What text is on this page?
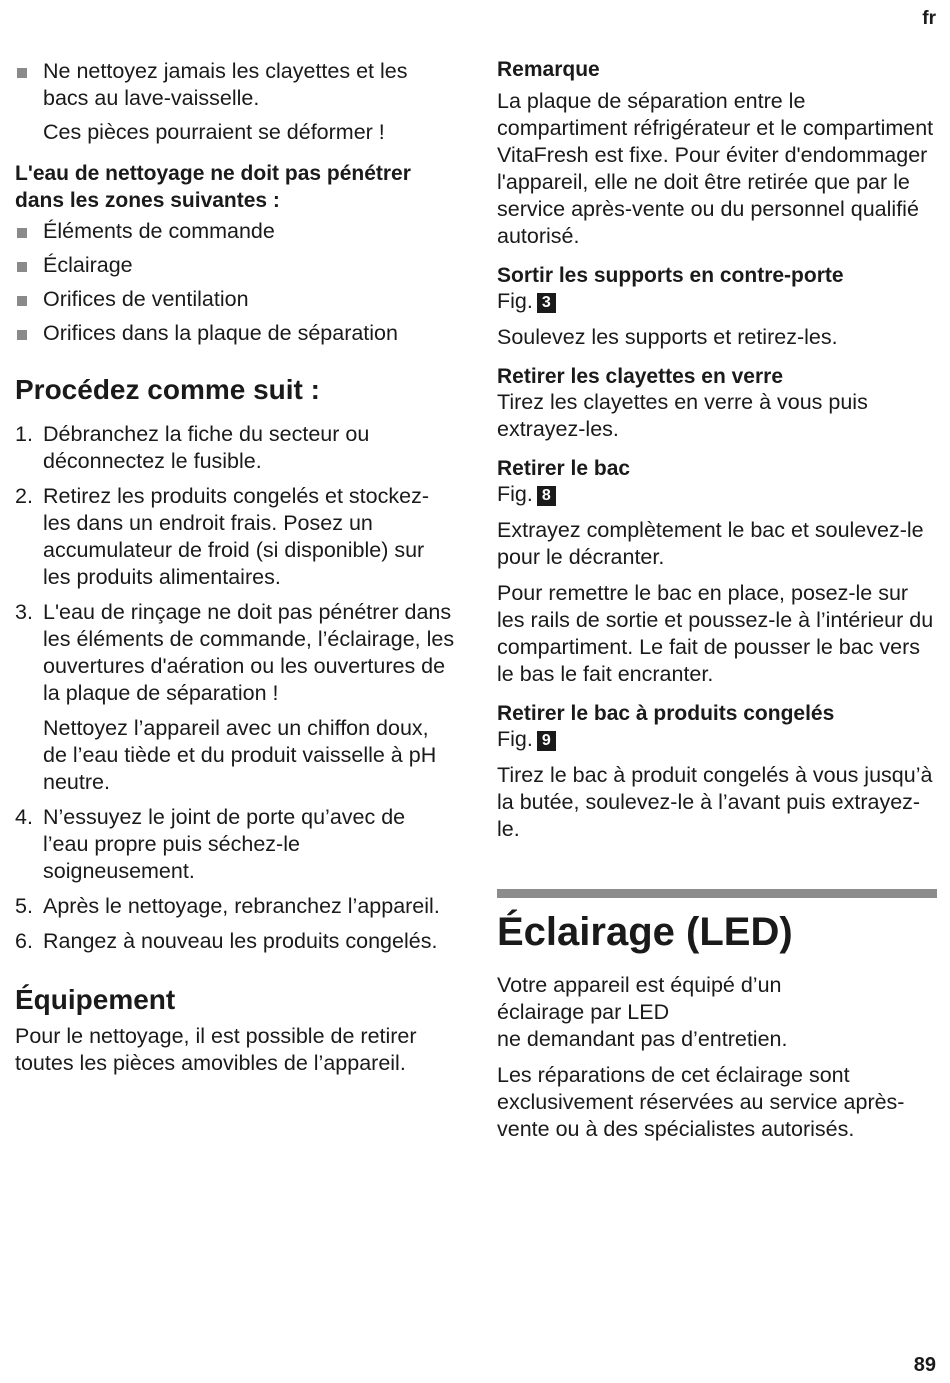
fr
Ne nettoyez jamais les clayettes et les bacs au lave-vaisselle.
Ces pièces pourraient se déformer !
L'eau de nettoyage ne doit pas pénétrer dans les zones suivantes :
Éléments de commande
Éclairage
Orifices de ventilation
Orifices dans la plaque de séparation
Procédez comme suit :
1. Débranchez la fiche du secteur ou déconnectez le fusible.
2. Retirez les produits congelés et stockez-les dans un endroit frais. Posez un accumulateur de froid (si disponible) sur les produits alimentaires.
3. L'eau de rinçage ne doit pas pénétrer dans les éléments de commande, l’éclairage, les ouvertures d'aération ou les ouvertures de la plaque de séparation !
Nettoyez l’appareil avec un chiffon doux, de l’eau tiède et du produit vaisselle à pH neutre.
4. N’essuyez le joint de porte qu’avec de l’eau propre puis séchez-le soigneusement.
5. Après le nettoyage, rebranchez l’appareil.
6. Rangez à nouveau les produits congelés.
Équipement

Pour le nettoyage, il est possible de retirer toutes les pièces amovibles de l’appareil.

Remarque

La plaque de séparation entre le compartiment réfrigérateur et le compartiment VitaFresh est fixe. Pour éviter d'endommager l'appareil, elle ne doit être retirée que par le service après-vente ou du personnel qualifié autorisé.

Sortir les supports en contre-porte
Fig. 3

Soulevez les supports et retirez-les.

Retirer les clayettes en verre

Tirez les clayettes en verre à vous puis extrayez-les.

Retirer le bac
Fig. 8

Extrayez complètement le bac et soulevez-le pour le décranter.

Pour remettre le bac en place, posez-le sur les rails de sortie et poussez-le à l’intérieur du compartiment. Le fait de pousser le bac vers le bas le fait encranter.

Retirer le bac à produits congelés
Fig. 9

Tirez le bac à produit congelés à vous jusqu’à la butée, soulevez-le à l’avant puis extrayez-le.

Éclairage (LED)

Votre appareil est équipé d’un

éclairage par LED

ne demandant pas d’entretien.

Les réparations de cet éclairage sont exclusivement réservées au service après-vente ou à des spécialistes autorisés.

89
